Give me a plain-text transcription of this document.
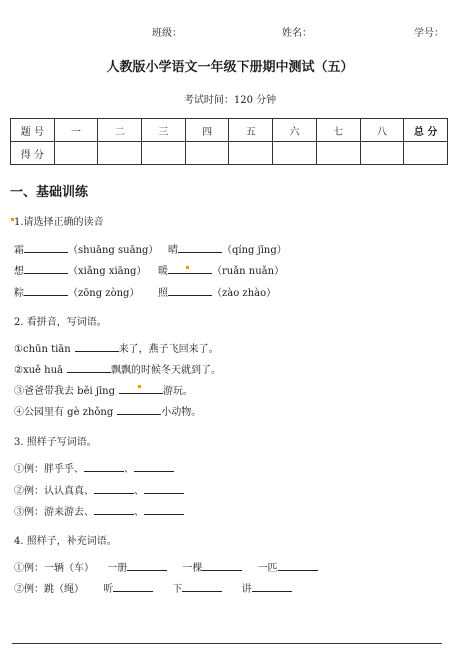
班级：	姓名：	学号：
人教版小学语文一年级下册期中测试（五）
考试时间：120 分钟
题 号	一	二	三	四	五	六	七	八	总 分
得 分									
一、基础训练
1.请选择正确的读音
霜	（shuāng suāng） 晴	（qíng jīng）
想	（xiǎng xiāng） 暖	（ruǎn nuǎn）
粽	（zōng zòng） 照	（zào zhào）
2. 看拼音，写词语。
①chūn tiān	来了，燕子飞回来了。
②xuě huā	飘飘的时候冬天就到了。
③爸爸带我去 běi jīng	游玩。
④公园里有 gè zhǒng	小动物。
3. 照样子写词语。
①例：胖乎乎、	、
②例：认认真真、	、
③例：游来游去、	、
4. 照样子，补充词语。
①例：一辆（车） 一册	一棵	一匹
②例：跳（绳） 听	下	讲
